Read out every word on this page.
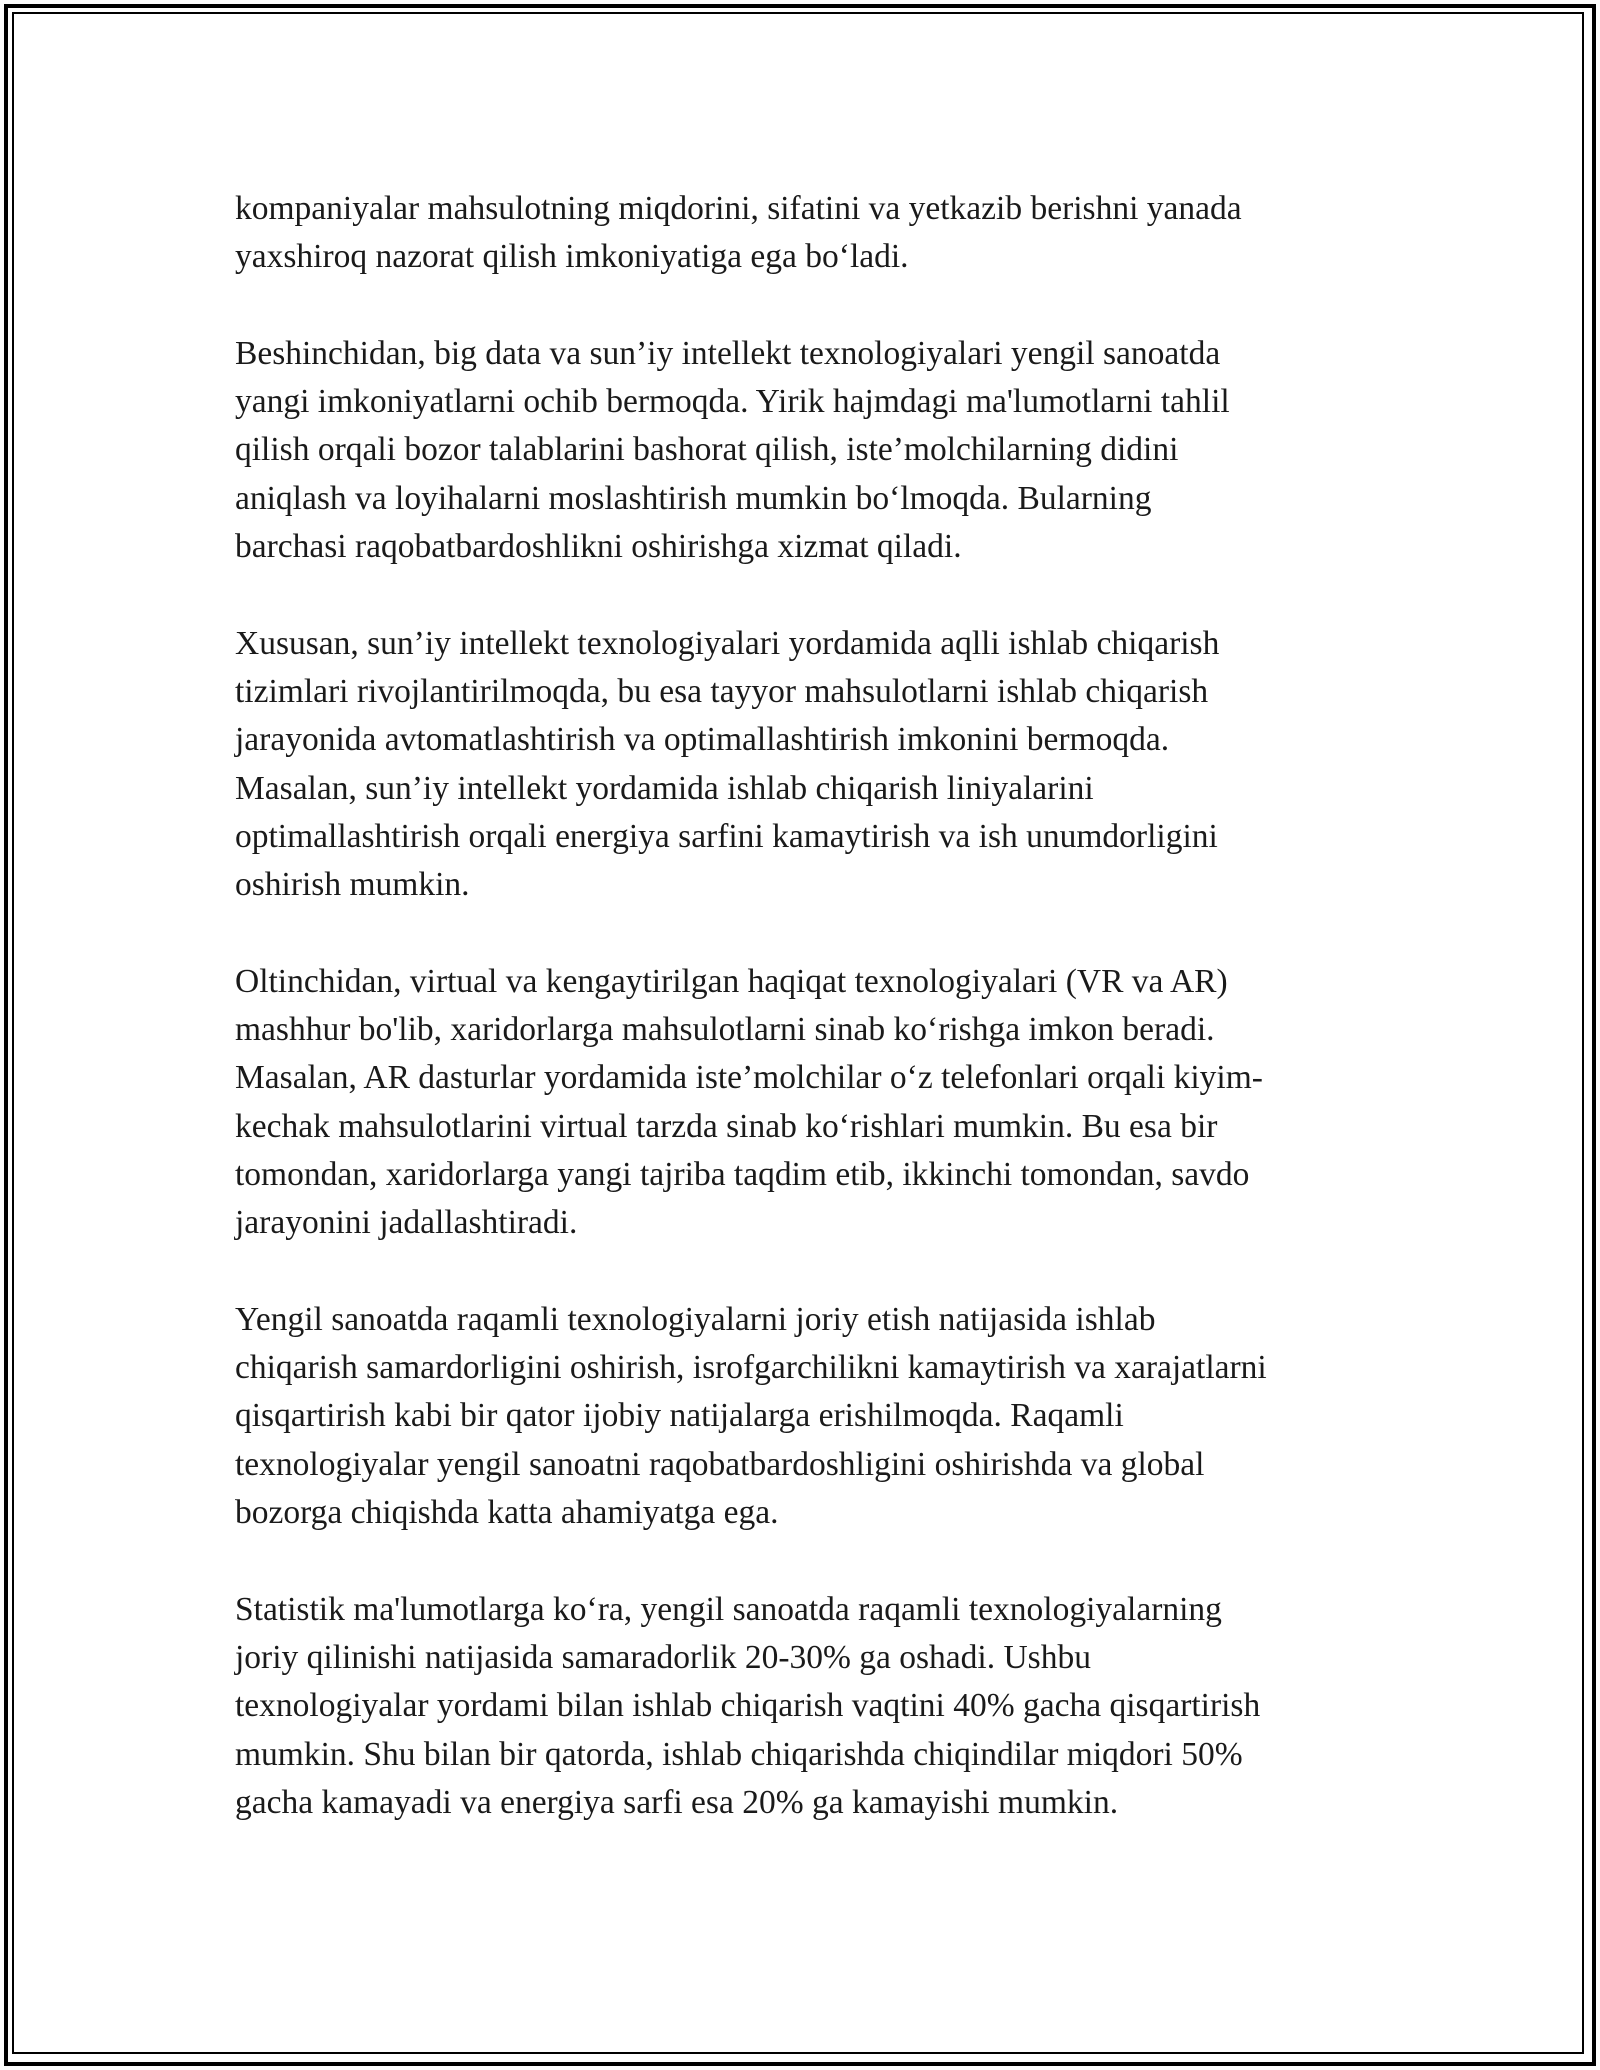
kompaniyalar mahsulotning miqdorini, sifatini va yetkazib berishni yanada
yaxshiroq nazorat qilish imkoniyatiga ega bo‘ladi.

Beshinchidan, big data va sun’iy intellekt texnologiyalari yengil sanoatda
yangi imkoniyatlarni ochib bermoqda. Yirik hajmdagi ma'lumotlarni tahlil
qilish orqali bozor talablarini bashorat qilish, iste’molchilarning didini
aniqlash va loyihalarni moslashtirish mumkin bo‘lmoqda. Bularning
barchasi raqobatbardoshlikni oshirishga xizmat qiladi.

Xususan, sun’iy intellekt texnologiyalari yordamida aqlli ishlab chiqarish
tizimlari rivojlantirilmoqda, bu esa tayyor mahsulotlarni ishlab chiqarish
jarayonida avtomatlashtirish va optimallashtirish imkonini bermoqda.
Masalan, sun’iy intellekt yordamida ishlab chiqarish liniyalarini
optimallashtirish orqali energiya sarfini kamaytirish va ish unumdorligini
oshirish mumkin.

Oltinchidan, virtual va kengaytirilgan haqiqat texnologiyalari (VR va AR)
mashhur bo'lib, xaridorlarga mahsulotlarni sinab ko‘rishga imkon beradi.
Masalan, AR dasturlar yordamida iste’molchilar o‘z telefonlari orqali kiyim-
kechak mahsulotlarini virtual tarzda sinab ko‘rishlari mumkin. Bu esa bir
tomondan, xaridorlarga yangi tajriba taqdim etib, ikkinchi tomondan, savdo
jarayonini jadallashtiradi.

Yengil sanoatda raqamli texnologiyalarni joriy etish natijasida ishlab
chiqarish samardorligini oshirish, isrofgarchilikni kamaytirish va xarajatlarni
qisqartirish kabi bir qator ijobiy natijalarga erishilmoqda. Raqamli
texnologiyalar yengil sanoatni raqobatbardoshligini oshirishda va global
bozorga chiqishda katta ahamiyatga ega.

Statistik ma'lumotlarga ko‘ra, yengil sanoatda raqamli texnologiyalarning
joriy qilinishi natijasida samaradorlik 20-30% ga oshadi. Ushbu
texnologiyalar yordami bilan ishlab chiqarish vaqtini 40% gacha qisqartirish
mumkin. Shu bilan bir qatorda, ishlab chiqarishda chiqindilar miqdori 50%
gacha kamayadi va energiya sarfi esa 20% ga kamayishi mumkin.
